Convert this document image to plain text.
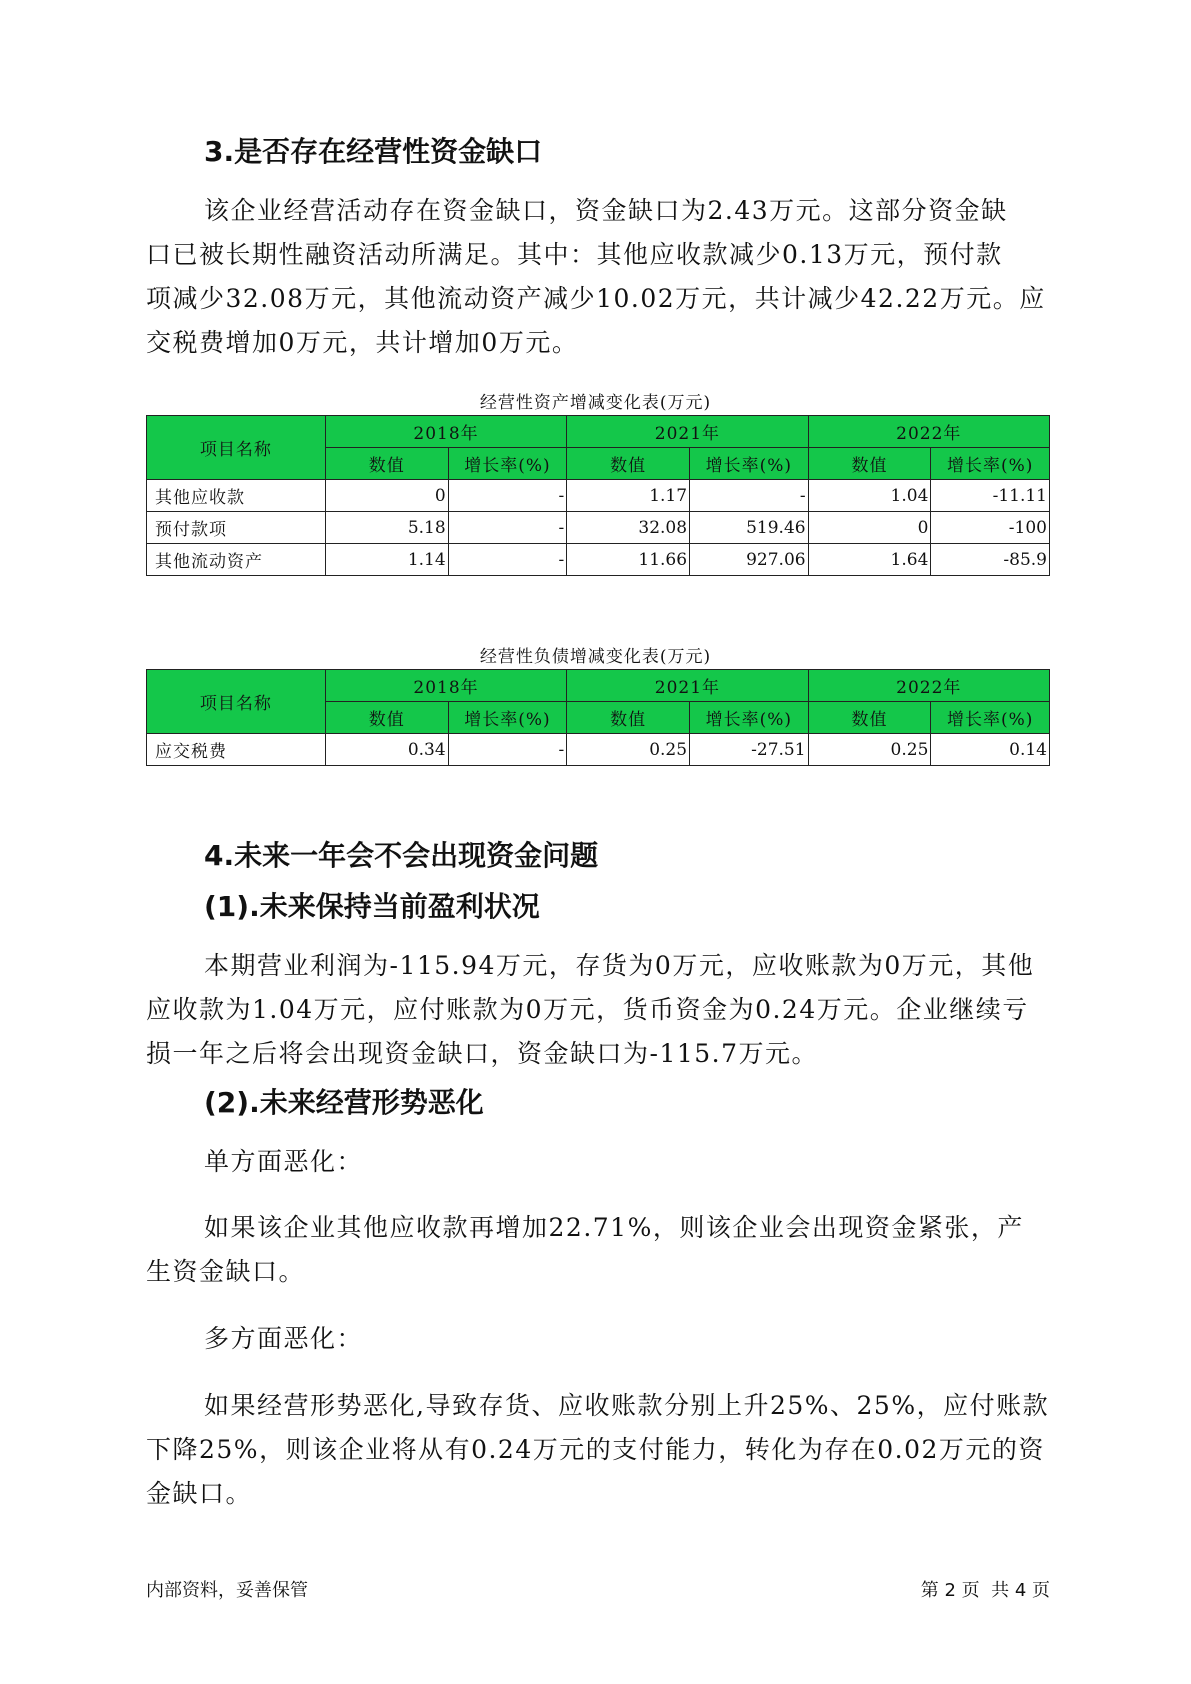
3.是否存在经营性资金缺口
该企业经营活动存在资金缺口，资金缺口为2.43万元。这部分资金缺
口已被长期性融资活动所满足。其中：其他应收款减少0.13万元，预付款
项减少32.08万元，其他流动资产减少10.02万元，共计减少42.22万元。应
交税费增加0万元，共计增加0万元。
经营性资产增减变化表(万元)
项目名称	2018年		2021年		2022年	
	数值	增长率(%)	数值	增长率(%)	数值	增长率(%)
其他应收款	0	-	1.17	-	1.04	-11.11
预付款项	5.18	-	32.08	519.46	0	-100
其他流动资产	1.14	-	11.66	927.06	1.64	-85.9
经营性负债增减变化表(万元)
项目名称	2018年		2021年		2022年	
	数值	增长率(%)	数值	增长率(%)	数值	增长率(%)
应交税费	0.34	-	0.25	-27.51	0.25	0.14
4.未来一年会不会出现资金问题
(1).未来保持当前盈利状况
本期营业利润为-115.94万元，存货为0万元，应收账款为0万元，其他
应收款为1.04万元，应付账款为0万元，货币资金为0.24万元。企业继续亏
损一年之后将会出现资金缺口，资金缺口为-115.7万元。
(2).未来经营形势恶化
单方面恶化：
如果该企业其他应收款再增加22.71%，则该企业会出现资金紧张，产
生资金缺口。
多方面恶化：
如果经营形势恶化,导致存货、应收账款分别上升25%、25%，应付账款
下降25%，则该企业将从有0.24万元的支付能力，转化为存在0.02万元的资
金缺口。
内部资料，妥善保管	第 2 页  共 4 页
